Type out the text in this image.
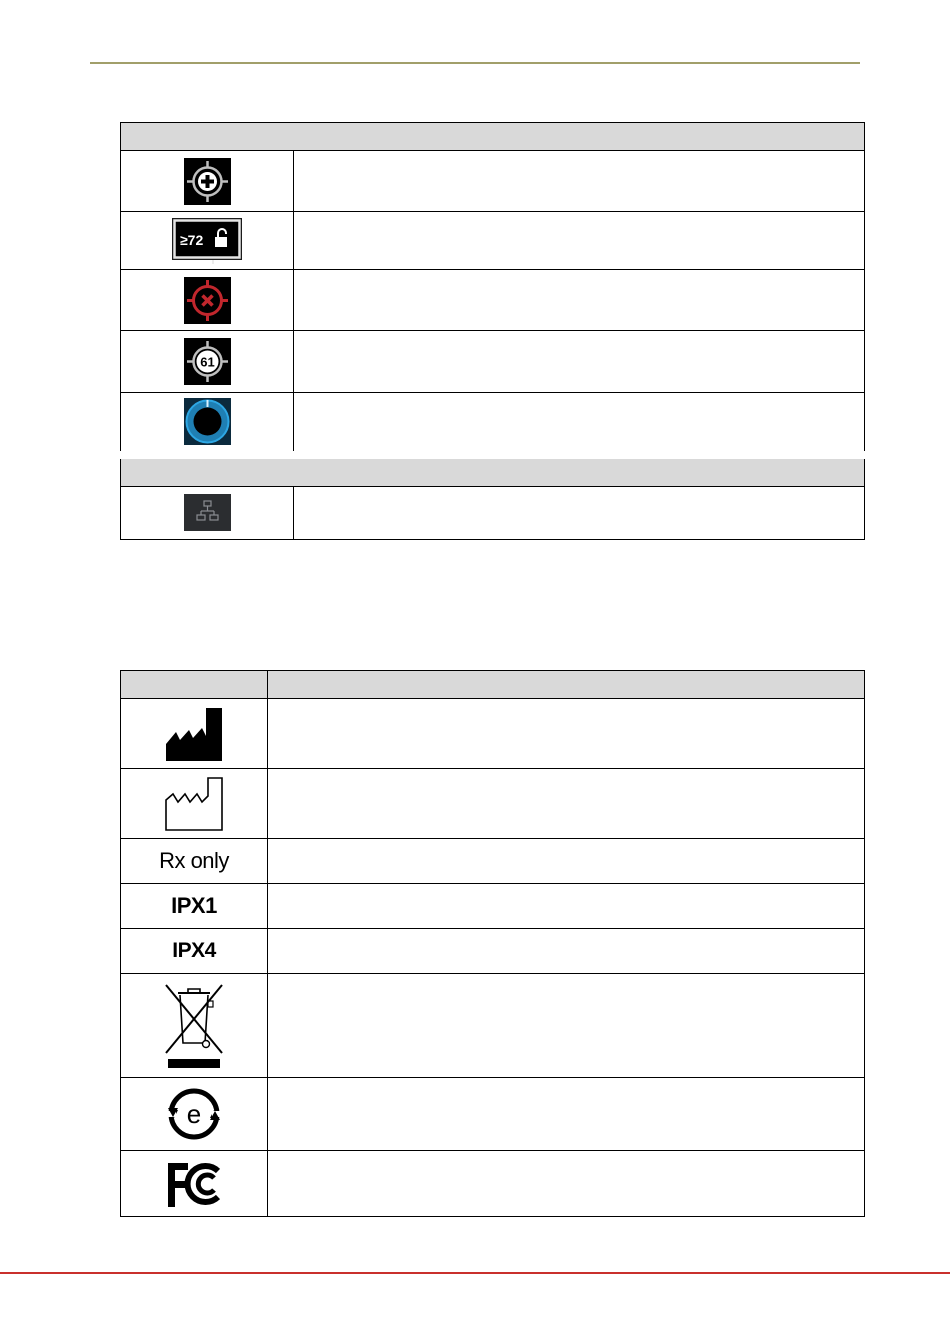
≥72	

61	

Rx only	
IPX1	
IPX4	

e	
